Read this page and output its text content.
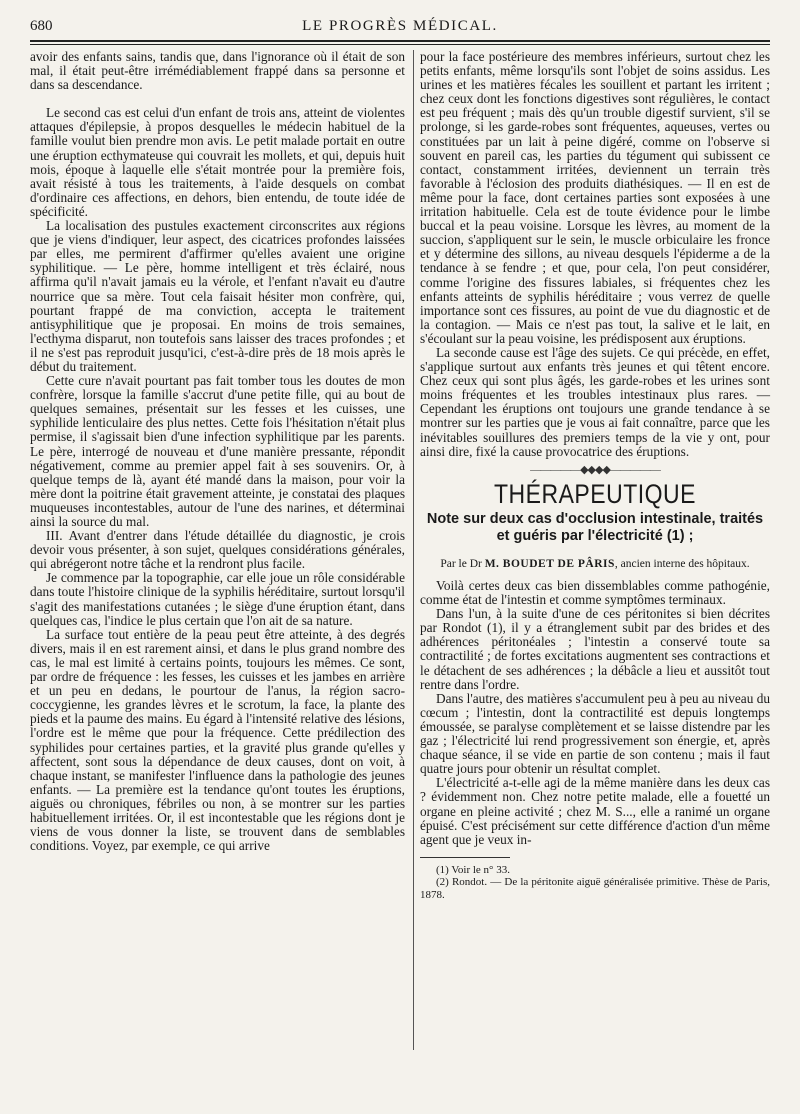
680	LE PROGRÈS MÉDICAL.

avoir des enfants sains, tandis que, dans l'ignorance où il était de son mal, il était peut-être irrémédiablement frappé dans sa personne et dans sa descendance.

Le second cas est celui d'un enfant de trois ans, atteint de violentes attaques d'épilepsie, à propos desquelles le médecin habituel de la famille voulut bien prendre mon avis. Le petit malade portait en outre une éruption ecthymateuse qui couvrait les mollets, et qui, depuis huit mois, époque à laquelle elle s'était montrée pour la première fois, avait résisté à tous les traitements, à l'aide desquels on combat d'ordinaire ces affections, en dehors, bien entendu, de toute idée de spécificité.

La localisation des pustules exactement circonscrites aux régions que je viens d'indiquer, leur aspect, des cicatrices profondes laissées par elles, me permirent d'affirmer qu'elles avaient une origine syphilitique. — Le père, homme intelligent et très éclairé, nous affirma qu'il n'avait jamais eu la vérole, et l'enfant n'avait eu d'autre nourrice que sa mère. Tout cela faisait hésiter mon confrère, qui, pourtant frappé de ma conviction, accepta le traitement antisyphilitique que je proposai. En moins de trois semaines, l'ecthyma disparut, non toutefois sans laisser des traces profondes ; et il ne s'est pas reproduit jusqu'ici, c'est-à-dire près de 18 mois après le début du traitement.

Cette cure n'avait pourtant pas fait tomber tous les doutes de mon confrère, lorsque la famille s'accrut d'une petite fille, qui au bout de quelques semaines, présentait sur les fesses et les cuisses, une syphilide lenticulaire des plus nettes. Cette fois l'hésitation n'était plus permise, il s'agissait bien d'une infection syphilitique par les parents. Le père, interrogé de nouveau et d'une manière pressante, répondit négativement, comme au premier appel fait à ses souvenirs. Or, à quelque temps de là, ayant été mandé dans la maison, pour voir la mère dont la poitrine était gravement atteinte, je constatai des plaques muqueuses incontestables, autour de l'une des narines, et déterminai ainsi la source du mal.

III. Avant d'entrer dans l'étude détaillée du diagnostic, je crois devoir vous présenter, à son sujet, quelques considérations générales, qui abrégeront notre tâche et la rendront plus facile.

Je commence par la topographie, car elle joue un rôle considérable dans toute l'histoire clinique de la syphilis héréditaire, surtout lorsqu'il s'agit des manifestations cutanées ; le siège d'une éruption étant, dans quelques cas, l'indice le plus certain que l'on ait de sa nature.

La surface tout entière de la peau peut être atteinte, à des degrés divers, mais il en est rarement ainsi, et dans le plus grand nombre des cas, le mal est limité à certains points, toujours les mêmes. Ce sont, par ordre de fréquence : les fesses, les cuisses et les jambes en arrière et un peu en dedans, le pourtour de l'anus, la région sacro-coccygienne, les grandes lèvres et le scrotum, la face, la plante des pieds et la paume des mains. Eu égard à l'intensité relative des lésions, l'ordre est le même que pour la fréquence. Cette prédilection des syphilides pour certaines parties, et la gravité plus grande qu'elles y affectent, sont sous la dépendance de deux causes, dont on voit, à chaque instant, se manifester l'influence dans la pathologie des jeunes enfants. — La première est la tendance qu'ont toutes les éruptions, aiguës ou chroniques, fébriles ou non, à se montrer sur les parties habituellement irritées. Or, il est incontestable que les régions dont je viens de vous donner la liste, se trouvent dans de semblables conditions. Voyez, par exemple, ce qui arrive

pour la face postérieure des membres inférieurs, surtout chez les petits enfants, même lorsqu'ils sont l'objet de soins assidus. Les urines et les matières fécales les souillent et partant les irritent ; chez ceux dont les fonctions digestives sont régulières, le contact est peu fréquent ; mais dès qu'un trouble digestif survient, s'il se prolonge, si les garde-robes sont fréquentes, aqueuses, vertes ou constituées par un lait à peine digéré, comme on l'observe si souvent en pareil cas, les parties du tégument qui subissent ce contact, constamment irritées, deviennent un terrain très favorable à l'éclosion des produits diathésiques. — Il en est de même pour la face, dont certaines parties sont exposées à une irritation habituelle. Cela est de toute évidence pour le limbe buccal et la peau voisine. Lorsque les lèvres, au moment de la succion, s'appliquent sur le sein, le muscle orbiculaire les fronce et y détermine des sillons, au niveau desquels l'épiderme a de la tendance à se fendre ; et que, pour cela, l'on peut considérer, comme l'origine des fissures labiales, si fréquentes chez les enfants atteints de syphilis héréditaire ; vous verrez de quelle importance sont ces fissures, au point de vue du diagnostic et de la contagion. — Mais ce n'est pas tout, la salive et le lait, en s'écoulant sur la peau voisine, les prédisposent aux éruptions.

La seconde cause est l'âge des sujets. Ce qui précède, en effet, s'applique surtout aux enfants très jeunes et qui têtent encore. Chez ceux qui sont plus âgés, les garde-robes et les urines sont moins fréquentes et les troubles intestinaux plus rares. — Cependant les éruptions ont toujours une grande tendance à se montrer sur les parties que je vous ai fait connaître, parce que les inévitables souillures des premiers temps de la vie y ont, pour ainsi dire, fixé la cause provocatrice des éruptions.

—————◆◆◆◆—————
THÉRAPEUTIQUE
Note sur deux cas d'occlusion intestinale, traités et guéris par l'électricité (1) ;
Par le Dr M. BOUDET DE PÂRIS, ancien interne des hôpitaux.

Voilà certes deux cas bien dissemblables comme pathogénie, comme état de l'intestin et comme symptômes terminaux.

Dans l'un, à la suite d'une de ces péritonites si bien décrites par Rondot (1), il y a étranglement subit par des brides et des adhérences péritonéales ; l'intestin a conservé toute sa contractilité ; de fortes excitations augmentent ses contractions et le détachent de ses adhérences ; la débâcle a lieu et aussitôt tout rentre dans l'ordre.

Dans l'autre, des matières s'accumulent peu à peu au niveau du cœcum ; l'intestin, dont la contractilité est depuis longtemps émoussée, se paralyse complètement et se laisse distendre par les gaz ; l'électricité lui rend progressivement son énergie, et, après chaque séance, il se vide en partie de son contenu ; mais il faut quatre jours pour obtenir un résultat complet.

L'électricité a-t-elle agi de la même manière dans les deux cas ? évidemment non. Chez notre petite malade, elle a fouetté un organe en pleine activité ; chez M. S..., elle a ranimé un organe épuisé. C'est précisément sur cette différence d'action d'un même agent que je veux in-

(1) Voir le n° 33.

(2) Rondot. — De la péritonite aiguë généralisée primitive. Thèse de Paris, 1878.
